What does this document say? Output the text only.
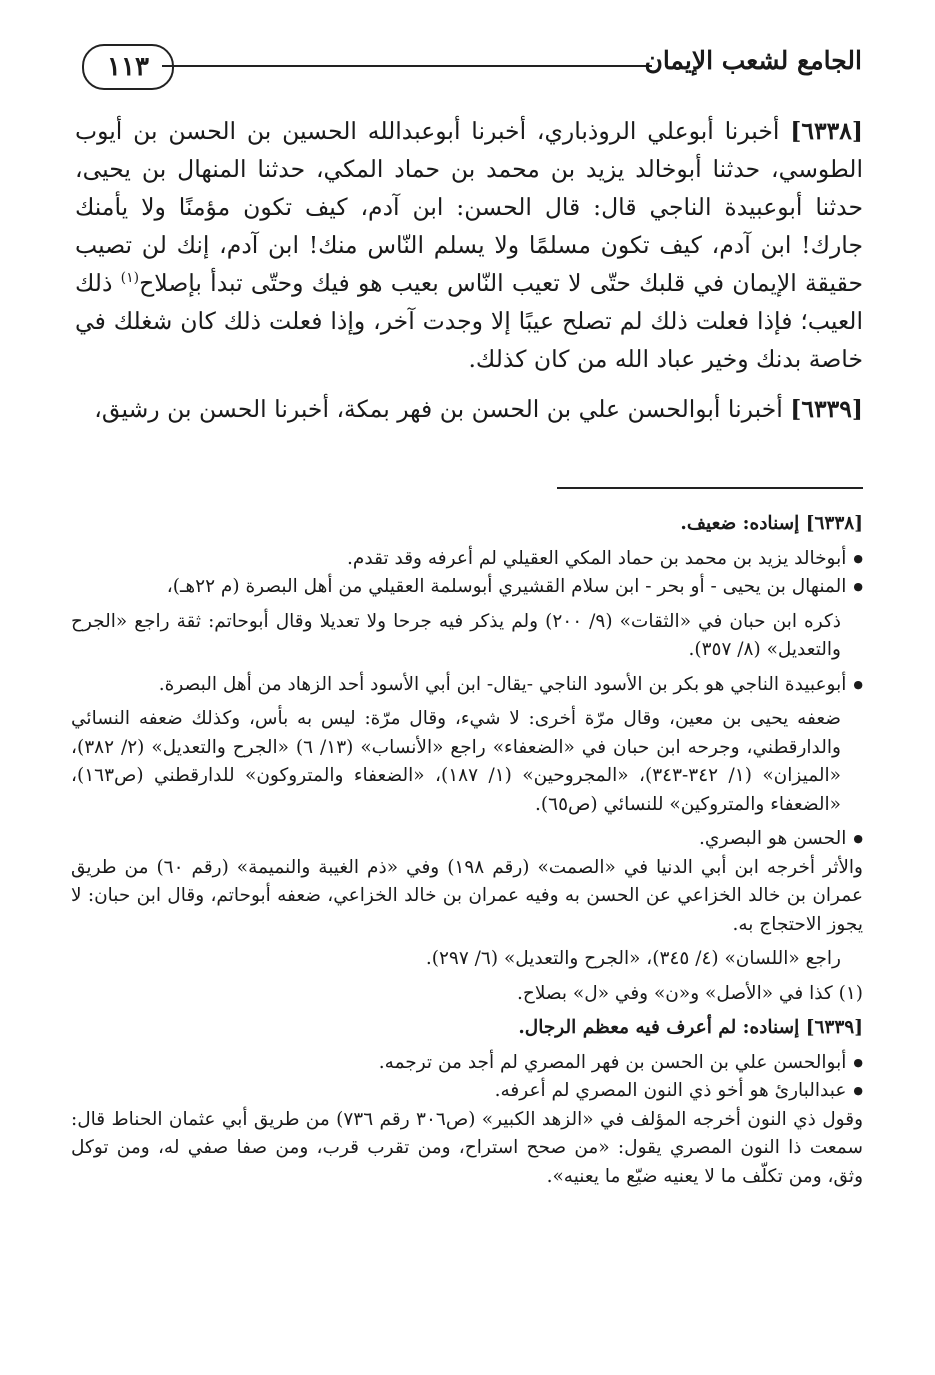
١١٣	الجامع لشعب الإيمان

[٦٣٣٨] أخبرنا أبوعلي الروذباري، أخبرنا أبوعبدالله الحسين بن الحسن بن أيوب الطوسي، حدثنا أبوخالد يزيد بن محمد بن حماد المكي، حدثنا المنهال بن يحيى، حدثنا أبوعبيدة الناجي قال: قال الحسن: ابن آدم، كيف تكون مؤمنًا ولا يأمنك جارك! ابن آدم، كيف تكون مسلمًا ولا يسلم النّاس منك! ابن آدم، إنك لن تصيب حقيقة الإيمان في قلبك حتّى لا تعيب النّاس بعيب هو فيك وحتّى تبدأ بإصلاح$^{(١)}$ ذلك العيب؛ فإذا فعلت ذلك لم تصلح عيبًا إلا وجدت آخر، وإذا فعلت ذلك كان شغلك في خاصة بدنك وخير عباد الله من كان كذلك.

[٦٣٣٩] أخبرنا أبوالحسن علي بن الحسن بن فهر بمكة، أخبرنا الحسن بن رشيق،

[٦٣٣٨] إسناده: ضعيف.

● أبوخالد يزيد بن محمد بن حماد المكي العقيلي لم أعرفه وقد تقدم.

● المنهال بن يحيى - أو بحر - ابن سلام القشيري أبوسلمة العقيلي من أهل البصرة (م ٢٢هـ)،

ذكره ابن حبان في «الثقات» (٩/ ٢٠٠) ولم يذكر فيه جرحا ولا تعديلا وقال أبوحاتم: ثقة راجع «الجرح والتعديل» (٨/ ٣٥٧).

● أبوعبيدة الناجي هو بكر بن الأسود الناجي -يقال- ابن أبي الأسود أحد الزهاد من أهل البصرة.

ضعفه يحيى بن معين، وقال مرّة أخرى: لا شيء، وقال مرّة: ليس به بأس، وكذلك ضعفه النسائي والدارقطني، وجرحه ابن حبان في «الضعفاء» راجع «الأنساب» (١٣/ ٦) «الجرح والتعديل» (٢/ ٣٨٢)، «الميزان» (١/ ٣٤٢-٣٤٣)، «المجروحين» (١/ ١٨٧)، «الضعفاء والمتروكون» للدارقطني (ص١٦٣)، «الضعفاء والمتروكين» للنسائي (ص٦٥).

● الحسن هو البصري.

والأثر أخرجه ابن أبي الدنيا في «الصمت» (رقم ١٩٨) وفي «ذم الغيبة والنميمة» (رقم ٦٠) من طريق عمران بن خالد الخزاعي عن الحسن به وفيه عمران بن خالد الخزاعي، ضعفه أبوحاتم، وقال ابن حبان: لا يجوز الاحتجاج به.

راجع «اللسان» (٤/ ٣٤٥)، «الجرح والتعديل» (٦/ ٢٩٧).

(١) كذا في «الأصل» و«ن» وفي «ل» بصلاح.

[٦٣٣٩] إسناده: لم أعرف فيه معظم الرجال.

● أبوالحسن علي بن الحسن بن فهر المصري لم أجد من ترجمه.

● عبدالبارئ هو أخو ذي النون المصري لم أعرفه.

وقول ذي النون أخرجه المؤلف في «الزهد الكبير» (ص٣٠٦ رقم ٧٣٦) من طريق أبي عثمان الحناط قال: سمعت ذا النون المصري يقول: «من صحح استراح، ومن تقرب قرب، ومن صفا صفي له، ومن توكل وثق، ومن تكلّف ما لا يعنيه ضيّع ما يعنيه».
